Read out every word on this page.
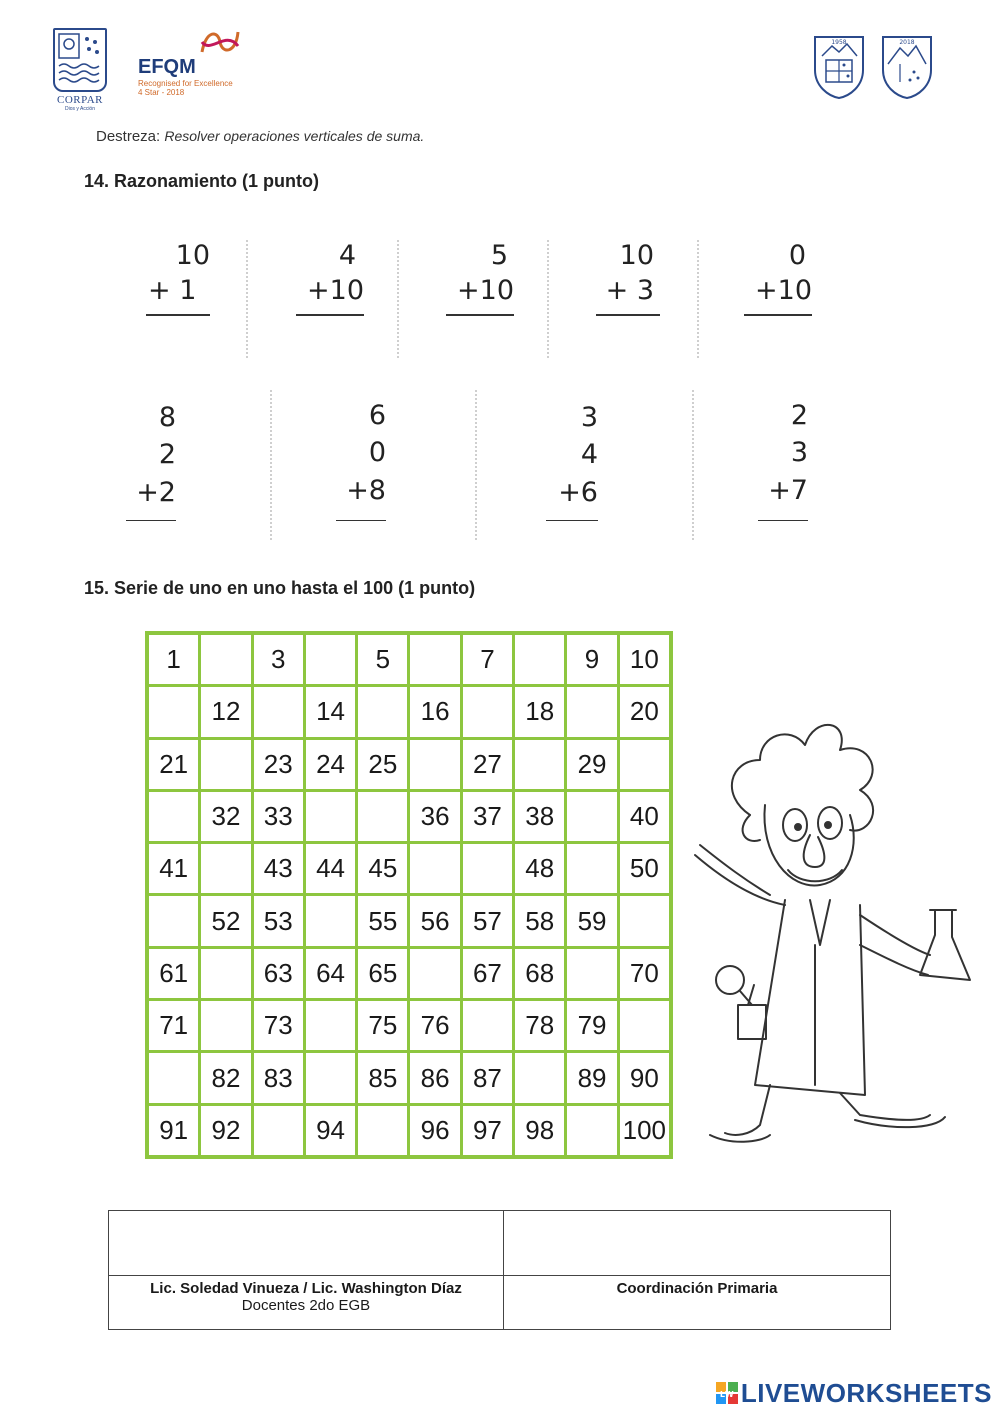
CORPAR
Dios y Acción
EFQM
Recognised for Excellence
4 Star - 2018
1958	2018
Destreza: Resolver operaciones verticales de suma.
14. Razonamiento (1 punto)
10
+ 1
4
+10
5
+10
10
+ 3
0
+10
8
2
+2
6
0
+8
3
4
+6
2
3
+7
15. Serie de uno en uno hasta el 100 (1 punto)
1		3		5		7		9	10
	12		14		16		18		20
21		23	24	25		27		29	
	32	33			36	37	38		40
41		43	44	45			48		50
	52	53		55	56	57	58	59	
61		63	64	65		67	68		70
71		73		75	76		78	79	
	82	83		85	86	87		89	90
91	92		94		96	97	98		100

Lic. Soledad Vinueza / Lic. Washington Díaz
Docentes 2do EGB	Coordinación Primaria
LW LIVEWORKSHEETS
